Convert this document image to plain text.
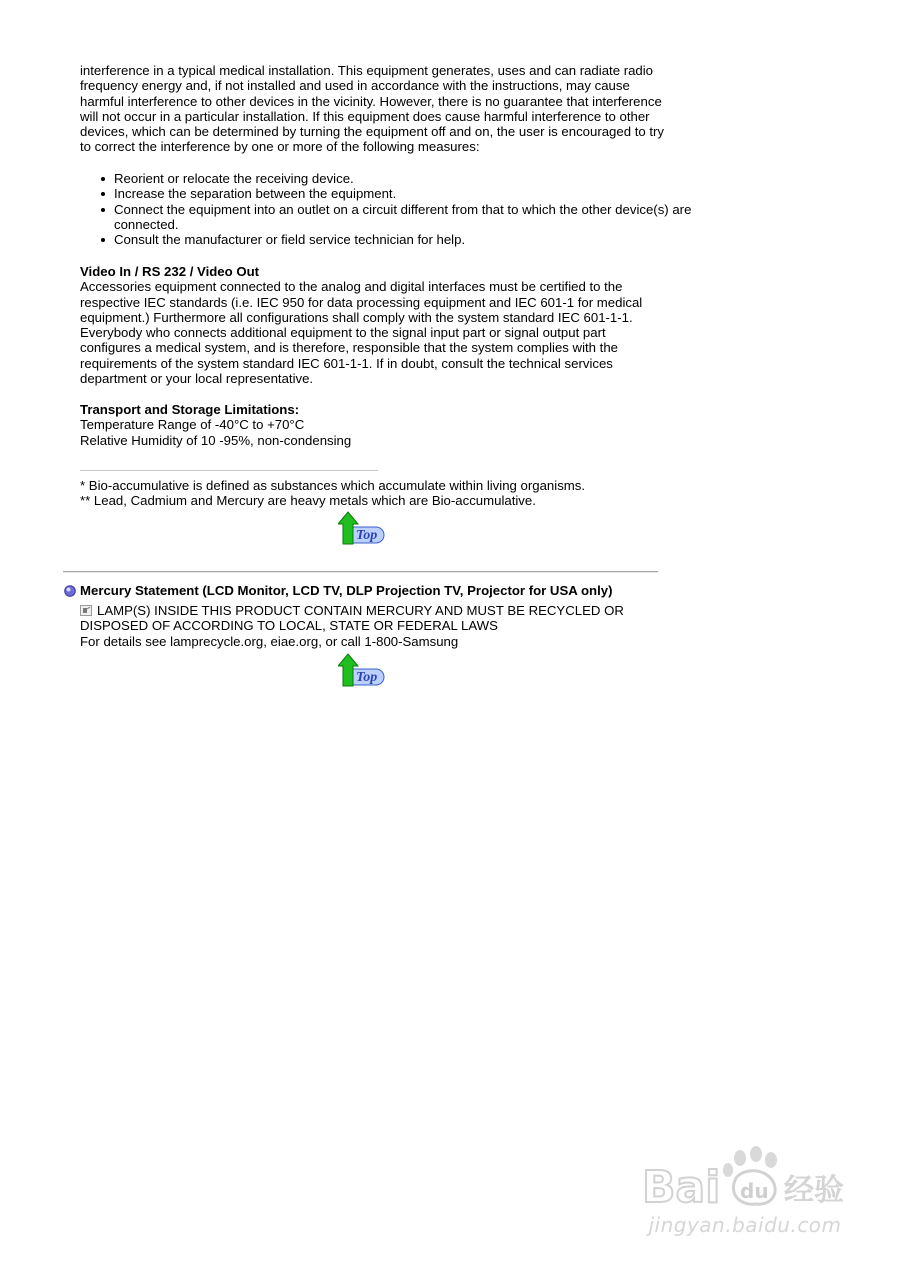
interference in a typical medical installation. This equipment generates, uses and can radiate radio frequency energy and, if not installed and used in accordance with the instructions, may cause harmful interference to other devices in the vicinity. However, there is no guarantee that interference will not occur in a particular installation. If this equipment does cause harmful interference to other devices, which can be determined by turning the equipment off and on, the user is encouraged to try to correct the interference by one or more of the following measures:

Reorient or relocate the receiving device.
Increase the separation between the equipment.
Connect the equipment into an outlet on a circuit different from that to which the other device(s) are connected.
Consult the manufacturer or field service technician for help.

Video In / RS 232 / Video Out

Accessories equipment connected to the analog and digital interfaces must be certified to the respective IEC standards (i.e. IEC 950 for data processing equipment and IEC 601-1 for medical equipment.) Furthermore all configurations shall comply with the system standard IEC 601-1-1. Everybody who connects additional equipment to the signal input part or signal output part configures a medical system, and is therefore, responsible that the system complies with the requirements of the system standard IEC 601-1-1. If in doubt, consult the technical services department or your local representative.

Transport and Storage Limitations:

Temperature Range of -40°C to +70°C

Relative Humidity of 10 -95%, non-condensing

* Bio-accumulative is defined as substances which accumulate within living organisms.

** Lead, Cadmium and Mercury are heavy metals which are Bio-accumulative.

Top
Mercury Statement (LCD Monitor, LCD TV, DLP Projection TV, Projector for USA only)

LAMP(S) INSIDE THIS PRODUCT CONTAIN MERCURY AND MUST BE RECYCLED OR DISPOSED OF ACCORDING TO LOCAL, STATE OR FEDERAL LAWS

For details see lamprecycle.org, eiae.org, or call 1-800-Samsung

Top
Bai du 经验
jingyan.baidu.com
